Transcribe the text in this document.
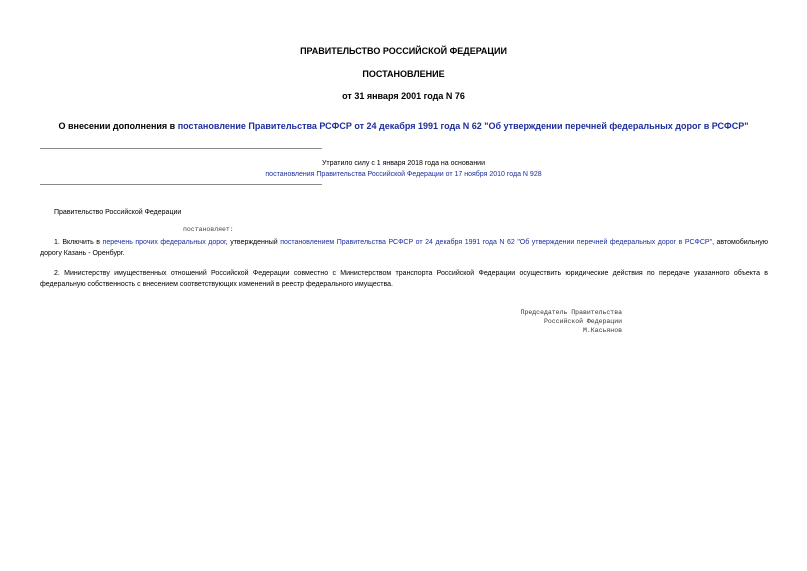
ПРАВИТЕЛЬСТВО РОССИЙСКОЙ ФЕДЕРАЦИИ
ПОСТАНОВЛЕНИЕ
от 31 января 2001 года N 76
О внесении дополнения в постановление Правительства РСФСР от 24 декабря 1991 года N 62 "Об утверждении перечней федеральных дорог в РСФСР"
Утратило силу с 1 января 2018 года на основании
постановления Правительства Российской Федерации от 17 ноября 2010 года N 928
Правительство Российской Федерации
постановляет:
1. Включить в перечень прочих федеральных дорог, утвержденный постановлением Правительства РСФСР от 24 декабря 1991 года N 62 "Об утверждении перечней федеральных дорог в РСФСР", автомобильную дорогу Казань - Оренбург.
2. Министерству имущественных отношений Российской Федерации совместно с Министерством транспорта Российской Федерации осуществить юридические действия по передаче указанного объекта в федеральную собственность с внесением соответствующих изменений в реестр федерального имущества.
Председатель Правительства
Российской Федерации
М.Касьянов
